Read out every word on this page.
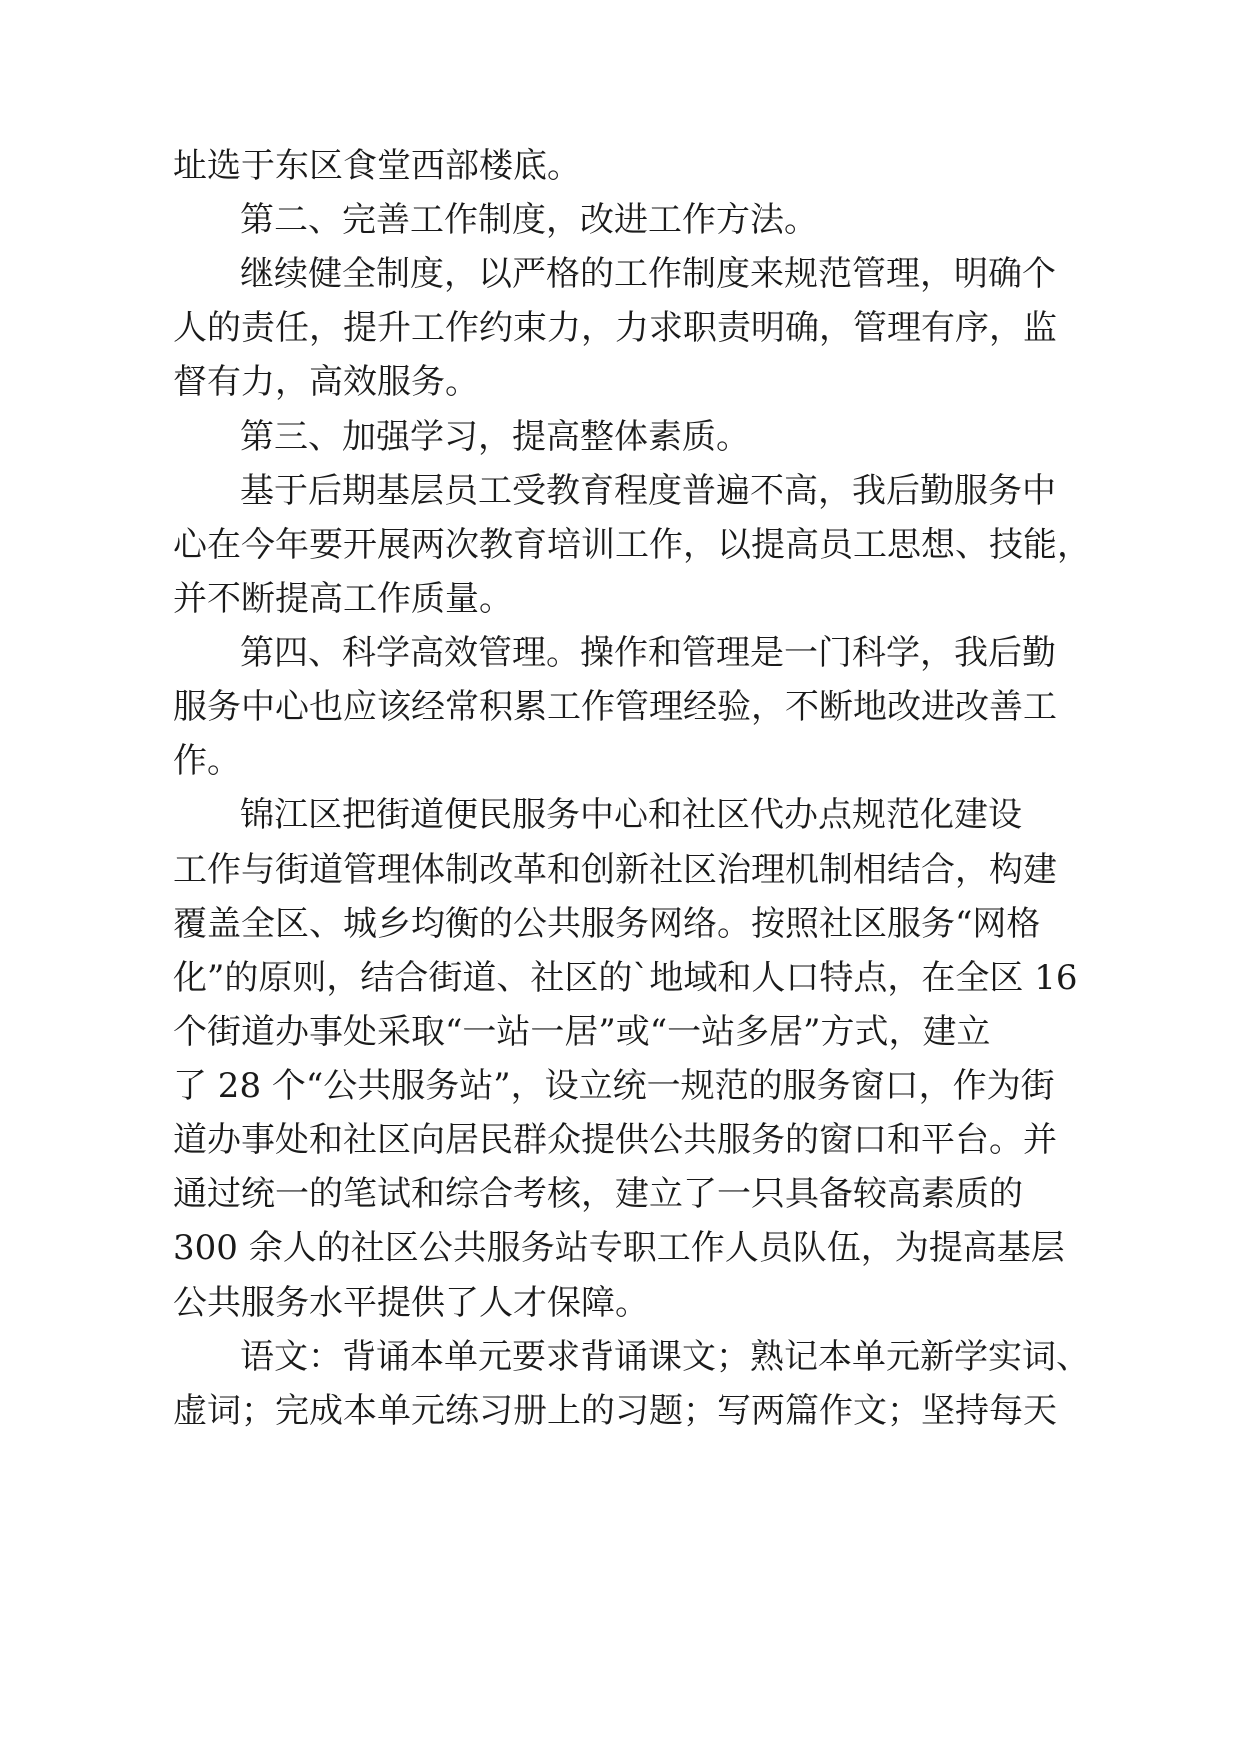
址选于东区食堂西部楼底。
第二、完善工作制度，改进工作方法。
继续健全制度，以严格的工作制度来规范管理，明确个
人的责任，提升工作约束力，力求职责明确，管理有序，监
督有力，高效服务。
第三、加强学习，提高整体素质。
基于后期基层员工受教育程度普遍不高，我后勤服务中
心在今年要开展两次教育培训工作，以提高员工思想、技能，
并不断提高工作质量。
第四、科学高效管理。操作和管理是一门科学，我后勤
服务中心也应该经常积累工作管理经验，不断地改进改善工
作。
锦江区把街道便民服务中心和社区代办点规范化建设
工作与街道管理体制改革和创新社区治理机制相结合，构建
覆盖全区、城乡均衡的公共服务网络。按照社区服务“网格
化”的原则，结合街道、社区的`地域和人口特点，在全区 16
个街道办事处采取“一站一居”或“一站多居”方式，建立
了 28 个“公共服务站”，设立统一规范的服务窗口，作为街
道办事处和社区向居民群众提供公共服务的窗口和平台。并
通过统一的笔试和综合考核，建立了一只具备较高素质的
300 余人的社区公共服务站专职工作人员队伍，为提高基层
公共服务水平提供了人才保障。
语文：背诵本单元要求背诵课文；熟记本单元新学实词、
虚词；完成本单元练习册上的习题；写两篇作文；坚持每天
